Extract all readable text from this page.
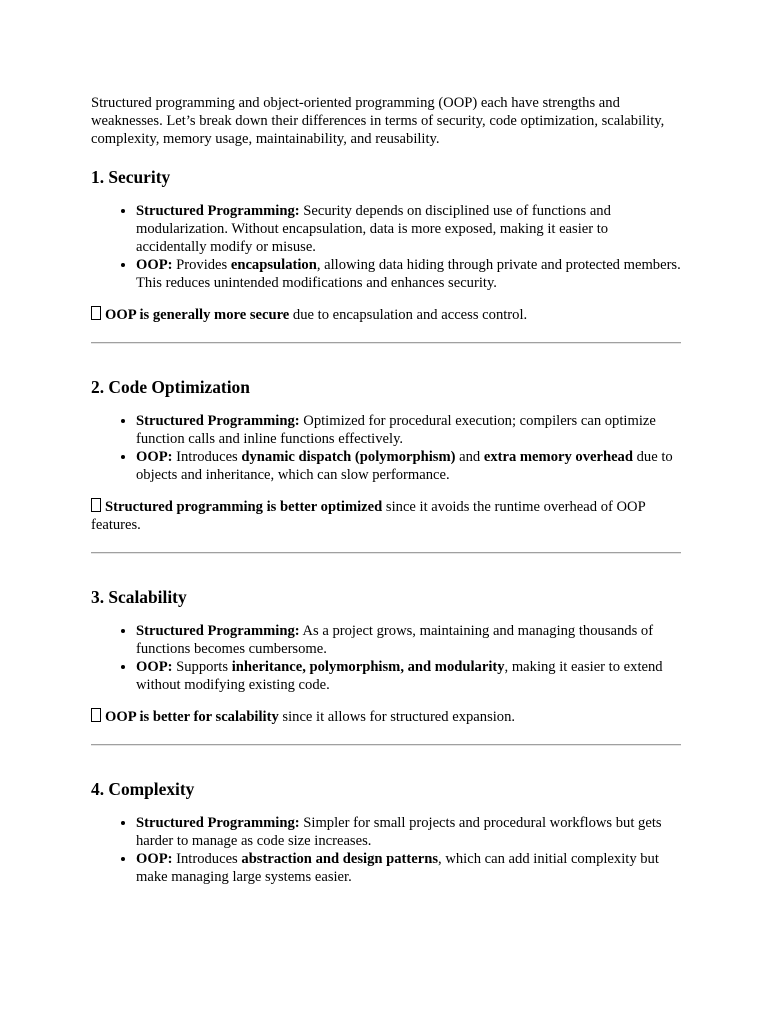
Structured programming and object-oriented programming (OOP) each have strengths and weaknesses. Let’s break down their differences in terms of security, code optimization, scalability, complexity, memory usage, maintainability, and reusability.

1. Security
• Structured Programming: Security depends on disciplined use of functions and modularization. Without encapsulation, data is more exposed, making it easier to accidentally modify or misuse.
• OOP: Provides encapsulation, allowing data hiding through private and protected members. This reduces unintended modifications and enhances security.

OOP is generally more secure due to encapsulation and access control.

2. Code Optimization
• Structured Programming: Optimized for procedural execution; compilers can optimize function calls and inline functions effectively.
• OOP: Introduces dynamic dispatch (polymorphism) and extra memory overhead due to objects and inheritance, which can slow performance.

Structured programming is better optimized since it avoids the runtime overhead of OOP features.

3. Scalability
• Structured Programming: As a project grows, maintaining and managing thousands of functions becomes cumbersome.
• OOP: Supports inheritance, polymorphism, and modularity, making it easier to extend without modifying existing code.

OOP is better for scalability since it allows for structured expansion.

4. Complexity
• Structured Programming: Simpler for small projects and procedural workflows but gets harder to manage as code size increases.
• OOP: Introduces abstraction and design patterns, which can add initial complexity but make managing large systems easier.
